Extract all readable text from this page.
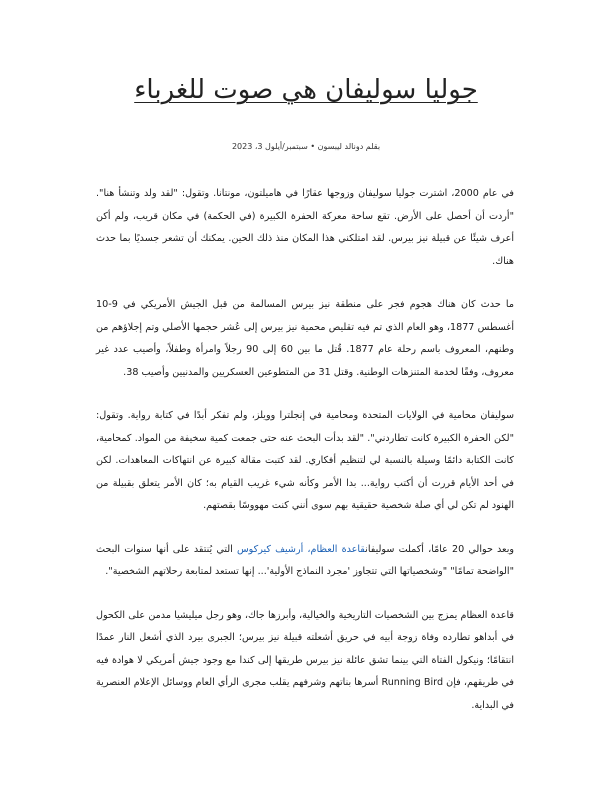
جوليا سوليفان هي صوت للغرباء
بقلم دونالد ليبسون • سبتمبر/أيلول 3، 2023

في عام 2000، اشترت جوليا سوليفان وزوجها عقارًا في هاميلتون، مونتانا. وتقول: "لقد ولد وتنشأ هنا". "أردت أن أحصل على الأرض. تقع ساحة معركة الحفرة الكبيرة (في الحكمة) في مكان قريب، ولم أكن أعرف شيئًا عن قبيلة نيز بيرس. لقد امتلكني هذا المكان منذ ذلك الحين. يمكنك أن تشعر جسديًا بما حدث هناك.

ما حدث كان هناك هجوم فجر على منطقة نيز بيرس المسالمة من قبل الجيش الأمريكي في 9-10 أغسطس 1877، وهو العام الذي تم فيه تقليص محمية نيز بيرس إلى عُشر حجمها الأصلي وتم إجلاؤهم من وطنهم، المعروف باسم رحلة عام 1877. قُتل ما بين 60 إلى 90 رجلاً وامرأة وطفلاً، وأصيب عدد غير معروف، وفقًا لخدمة المتنزهات الوطنية. وقتل 31 من المتطوعين العسكريين والمدنيين وأصيب 38.

سوليفان محامية في الولايات المتحدة ومحامية في إنجلترا وويلز، ولم تفكر أبدًا في كتابة رواية. وتقول: "لكن الحفرة الكبيرة كانت تطاردني". "لقد بدأت البحث عنه حتى جمعت كمية سخيفة من المواد. كمحامية، كانت الكتابة دائمًا وسيلة بالنسبة لي لتنظيم أفكاري. لقد كتبت مقالة كبيرة عن انتهاكات المعاهدات. لكن في أحد الأيام قررت أن أكتب رواية... بدا الأمر وكأنه شيء غريب القيام به؛ كان الأمر يتعلق بقبيلة من الهنود لم تكن لي أي صلة شخصية حقيقية بهم سوى أنني كنت مهووسًا بقصتهم.

وبعد حوالي 20 عامًا، أكملت سوليفانقاعدة العظام، أرشيف كيركوس التي يُنتقد على أنها سنوات البحث "الواضحة تمامًا" "وشخصياتها التي تتجاوز 'مجرد النماذج الأولية'... إنها تستعد لمتابعة رحلاتهم الشخصية".

قاعدة العظام يمزج بين الشخصيات التاريخية والخيالية، وأبرزها جاك، وهو رجل ميليشيا مدمن على الكحول في أبداهو تطارده وفاة زوجة أبيه في حريق أشعلته قبيلة نيز بيرس؛ الجبرى بيرد الذي أشعل النار عمدًا انتقامًا؛ ونيكول الفتاة التي بينما تشق عائلة نيز بيرس طريقها إلى كندا مع وجود جيش أمريكي لا هوادة فيه في طريقهم، فإن Running Bird أسرها بناتهم وشرفهم يقلب مجرى الرأي العام ووسائل الإعلام العنصرية في البداية.
